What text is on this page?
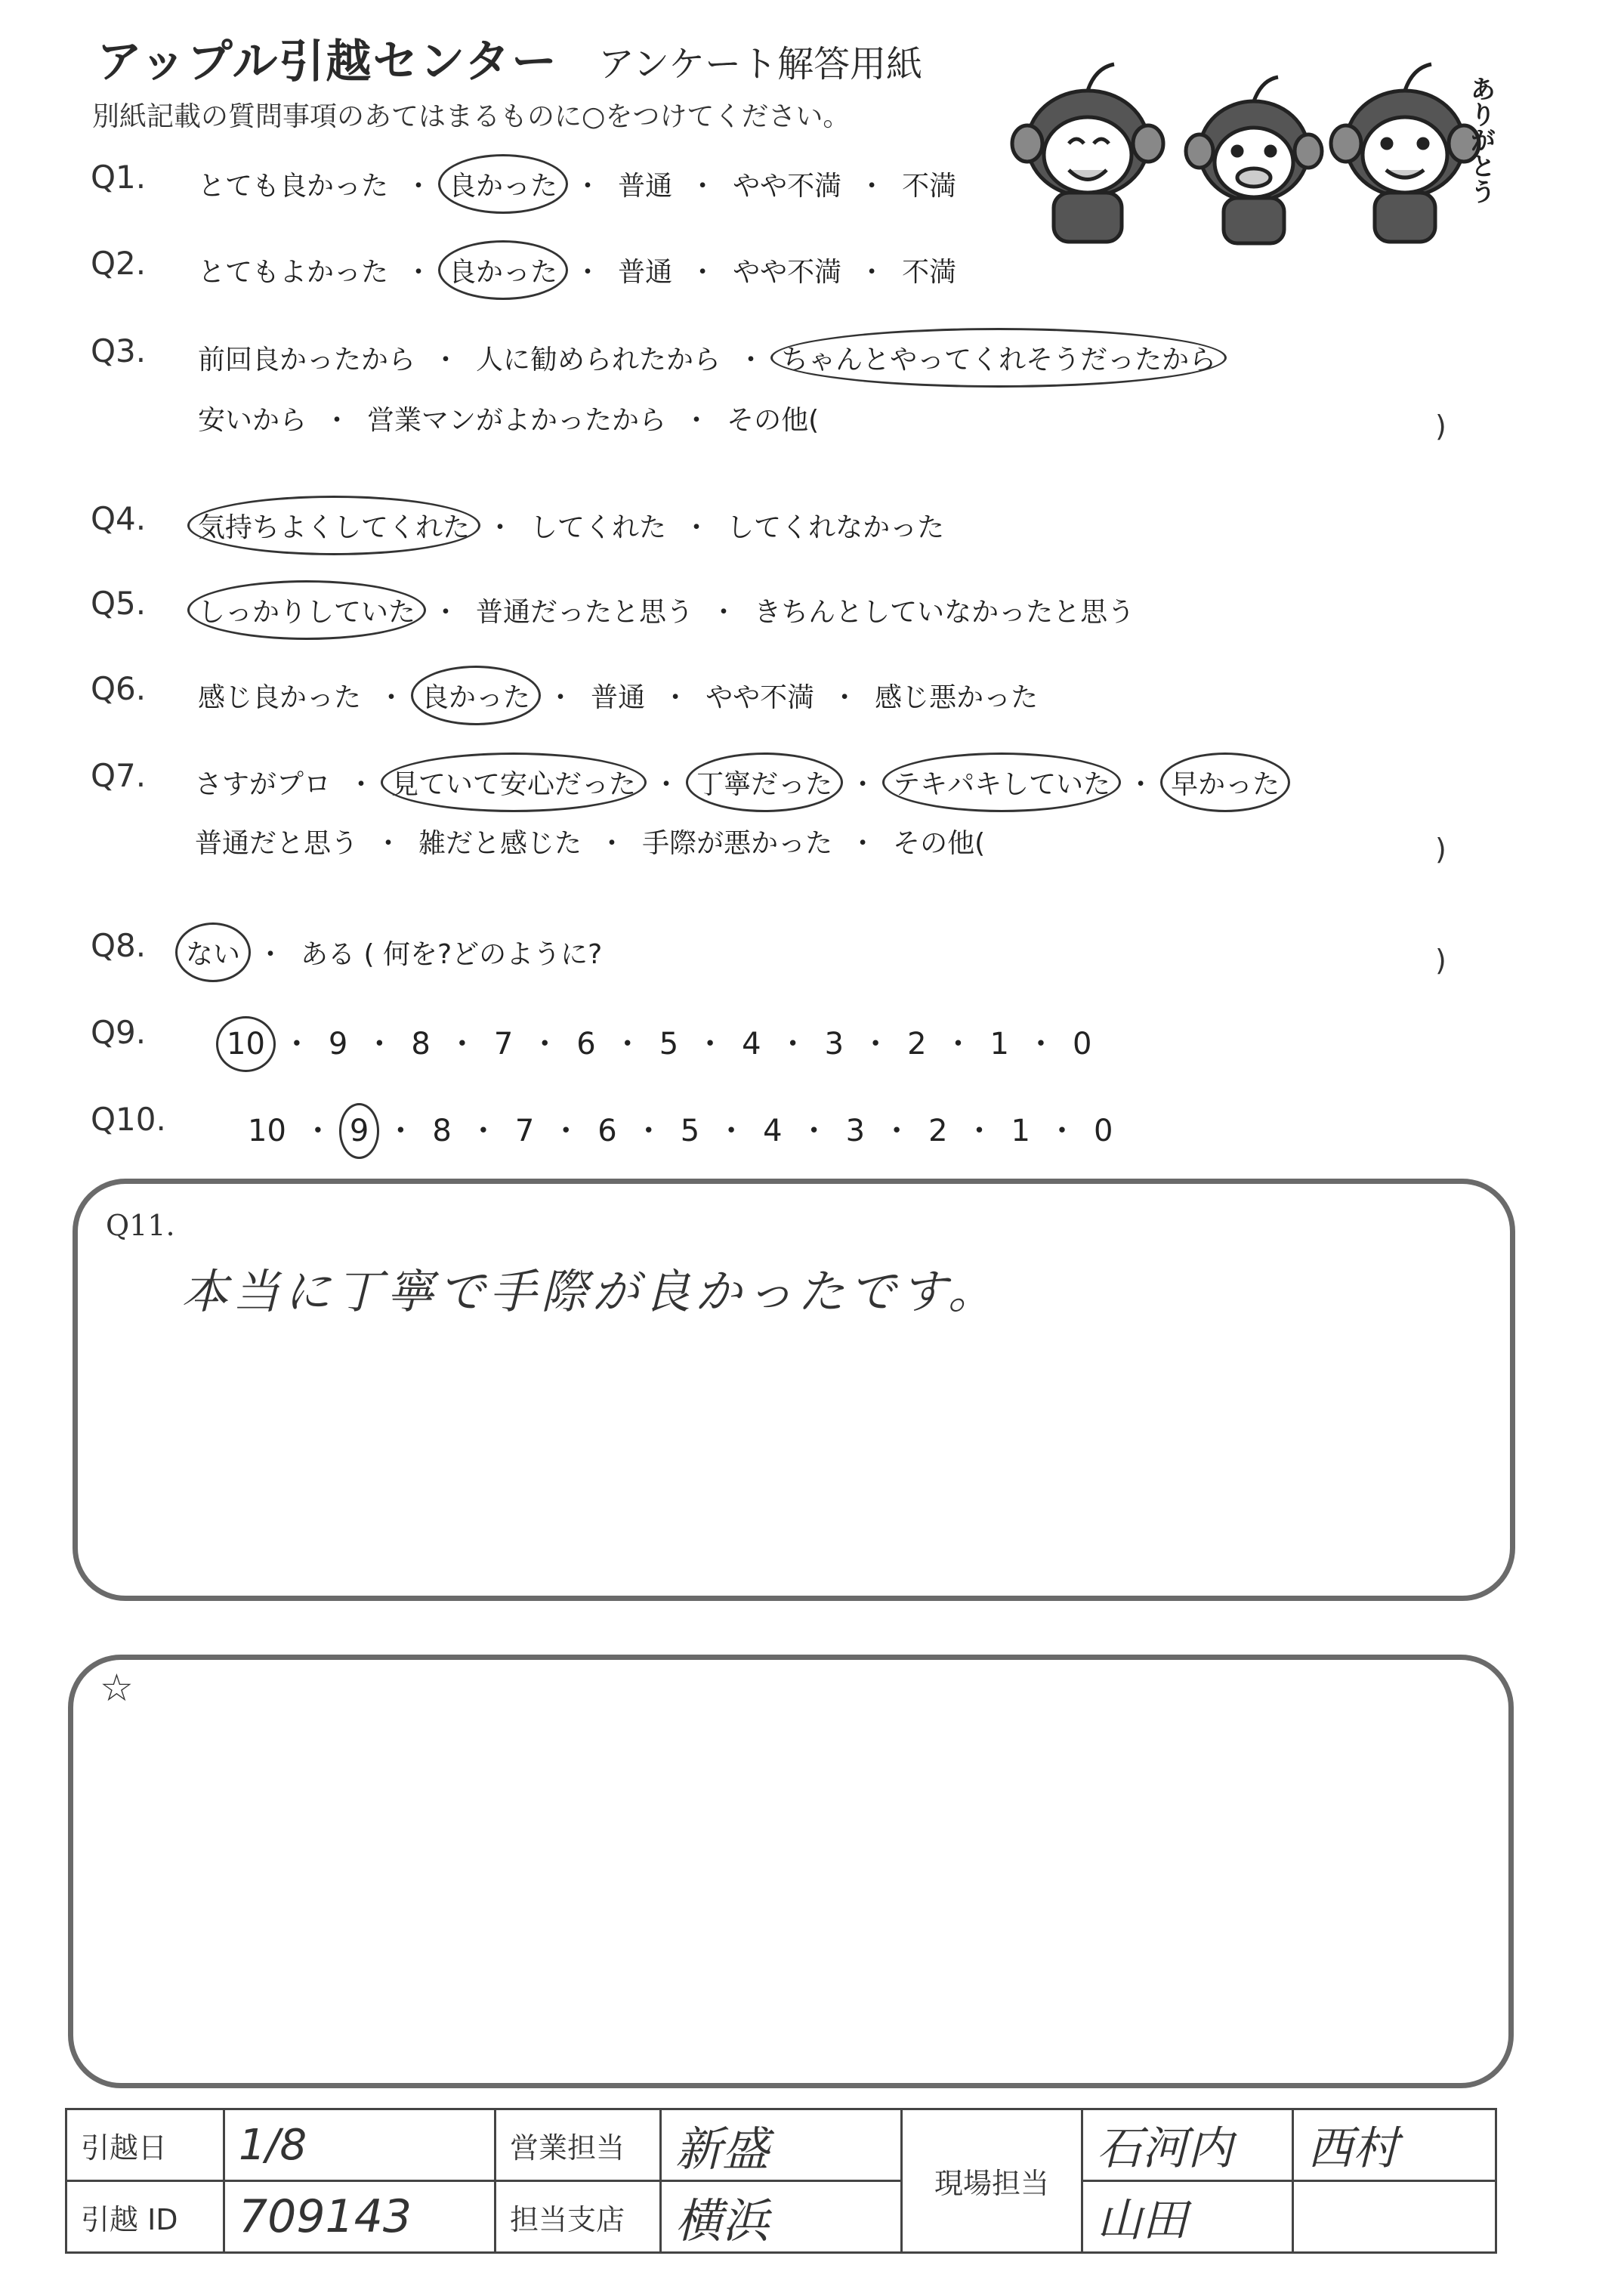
アップル引越センター アンケート解答用紙
別紙記載の質問事項のあてはまるものに○をつけてください。	ありがとう
Q1. とても良かった ・ 良かった ・ 普通 ・ やや不満 ・ 不満
Q2. とてもよかった ・ 良かった ・ 普通 ・ やや不満 ・ 不満
Q3. 前回良かったから ・ 人に勧められたから ・ ちゃんとやってくれそうだったから
安いから ・ 営業マンがよかったから ・ その他(	)
Q4. 気持ちよくしてくれた ・ してくれた ・ してくれなかった
Q5. しっかりしていた ・ 普通だったと思う ・ きちんとしていなかったと思う
Q6. 感じ良かった ・ 良かった ・ 普通 ・ やや不満 ・ 感じ悪かった
Q7. さすがプロ ・ 見ていて安心だった ・ 丁寧だった ・ テキパキしていた ・ 早かった
普通だと思う ・ 雑だと感じた ・ 手際が悪かった ・ その他(	)
Q8. ない ・ ある ( 何を?どのように?	)
Q9.	10 ・ 9 ・ 8 ・ 7 ・ 6 ・ 5 ・ 4 ・ 3 ・ 2 ・ 1 ・ 0
Q10.	10 ・ 9 ・ 8 ・ 7 ・ 6 ・ 5 ・ 4 ・ 3 ・ 2 ・ 1 ・ 0
Q11.
本当に丁寧で手際が良かったです。
☆
引越日	1/8	営業担当	新盛	現場担当	石河内	西村
引越 ID	709143	担当支店	横浜		山田	
